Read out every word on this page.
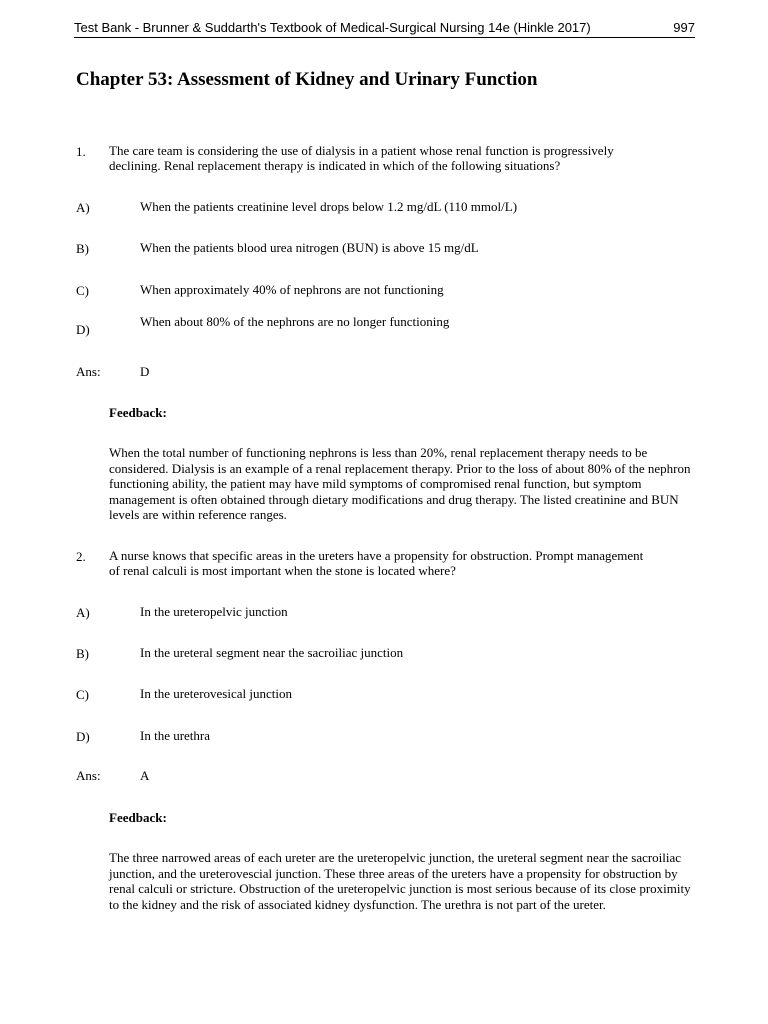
Test Bank - Brunner & Suddarth's Textbook of Medical-Surgical Nursing 14e (Hinkle 2017)	997
Chapter 53: Assessment of Kidney and Urinary Function
1. The care team is considering the use of dialysis in a patient whose renal function is progressively
declining. Renal replacement therapy is indicated in which of the following situations?
A)	When the patients creatinine level drops below 1.2 mg/dL (110 mmol/L)
B)	When the patients blood urea nitrogen (BUN) is above 15 mg/dL
C)	When approximately 40% of nephrons are not functioning
D)
When about 80% of the nephrons are no longer functioning
Ans:	D
Feedback:
When the total number of functioning nephrons is less than 20%, renal replacement therapy needs to be considered. Dialysis is an example of a renal replacement therapy. Prior to the loss of about 80% of the nephron functioning ability, the patient may have mild symptoms of compromised renal function, but symptom management is often obtained through dietary modifications and drug therapy. The listed creatinine and BUN levels are within reference ranges.
2. A nurse knows that specific areas in the ureters have a propensity for obstruction. Prompt management
of renal calculi is most important when the stone is located where?
A)	In the ureteropelvic junction
B)	In the ureteral segment near the sacroiliac junction
C)	In the ureterovesical junction
D)	In the urethra
Ans:	A
Feedback:
The three narrowed areas of each ureter are the ureteropelvic junction, the ureteral segment near the sacroiliac junction, and the ureterovescial junction. These three areas of the ureters have a propensity for obstruction by renal calculi or stricture. Obstruction of the ureteropelvic junction is most serious because of its close proximity to the kidney and the risk of associated kidney dysfunction. The urethra is not part of the ureter.
